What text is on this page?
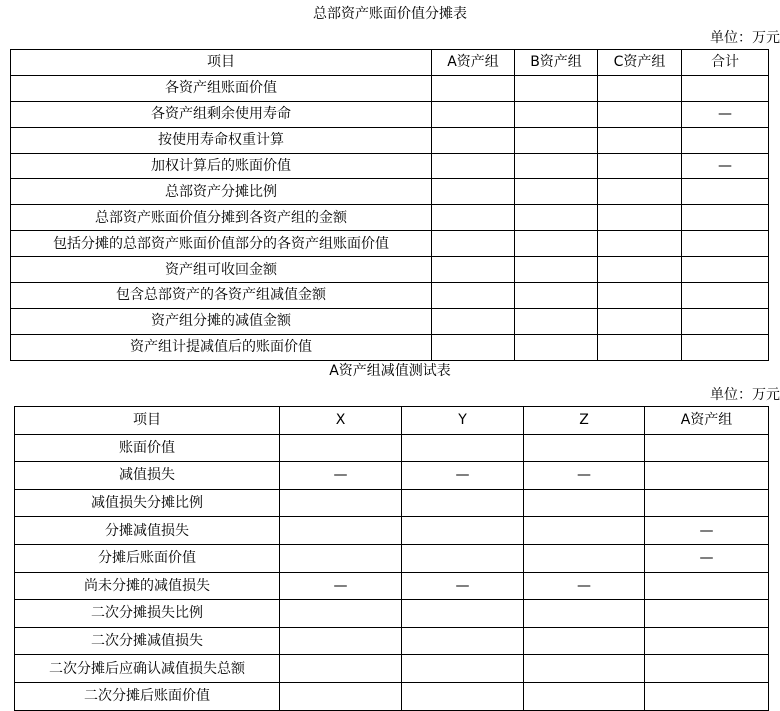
总部资产账面价值分摊表
单位：万元
项目	A资产组	B资产组	C资产组	合计
各资产组账面价值				
各资产组剩余使用寿命				—
按使用寿命权重计算				
加权计算后的账面价值				—
总部资产分摊比例				
总部资产账面价值分摊到各资产组的金额				
包括分摊的总部资产账面价值部分的各资产组账面价值				
资产组可收回金额				
包含总部资产的各资产组减值金额				
资产组分摊的减值金额				
资产组计提减值后的账面价值				
A资产组减值测试表
单位：万元
项目	X	Y	Z	A资产组
账面价值				
减值损失	—	—	—	
减值损失分摊比例				
分摊减值损失				—
分摊后账面价值				—
尚未分摊的减值损失	—	—	—	
二次分摊损失比例				
二次分摊减值损失				
二次分摊后应确认减值损失总额				
二次分摊后账面价值				
